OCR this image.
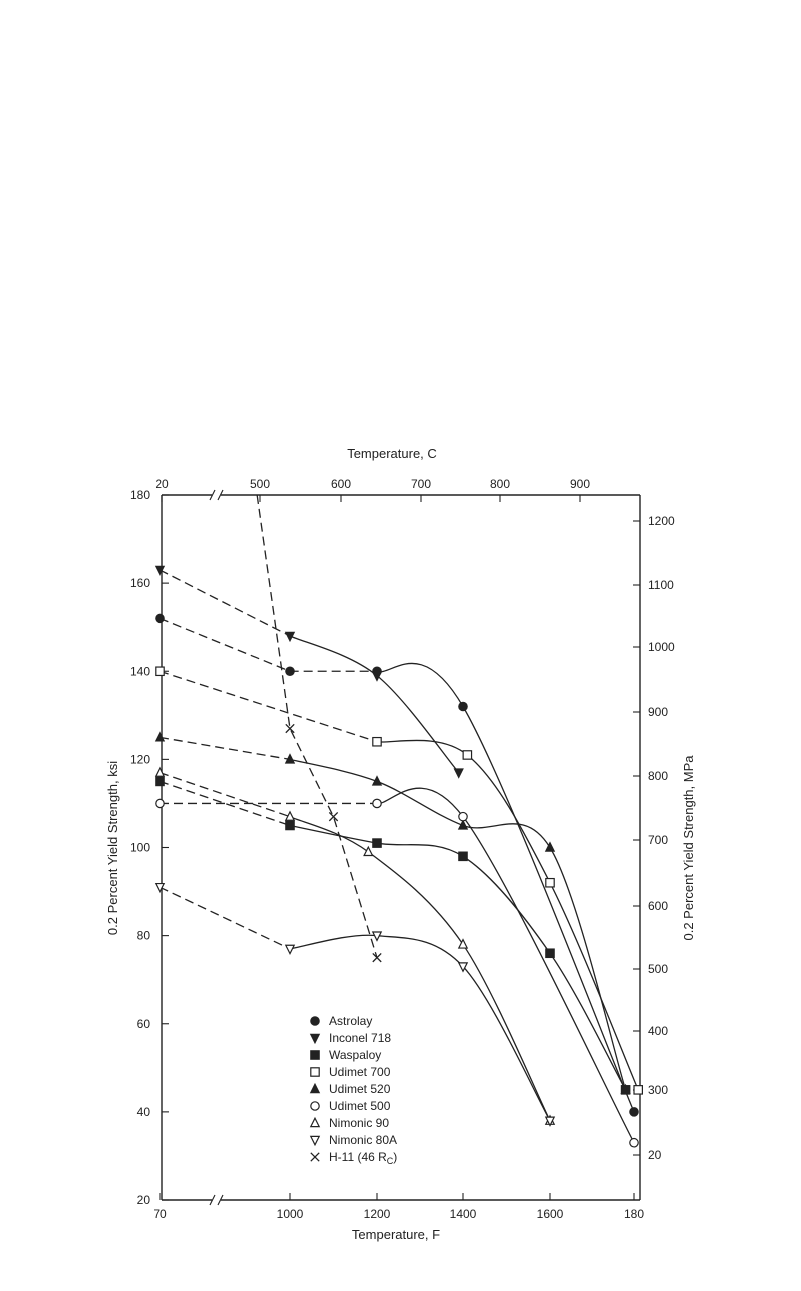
Temperature, C
Temperature, F
0.2 Percent Yield Strength, ksi	0.2 Percent Yield Strength, MPa
20
40
60
80
100
120
140
160
180
20
300
400
500
600
700
800
900
1000
1100
1200
70	1000	1200	1400	1600	180
20	500	600	700	800	900
Astrolay
Inconel 718
Waspaloy
Udimet 700
Udimet 520
Udimet 500
Nimonic 90
Nimonic 80A
H-11 (46 $R_C$)
